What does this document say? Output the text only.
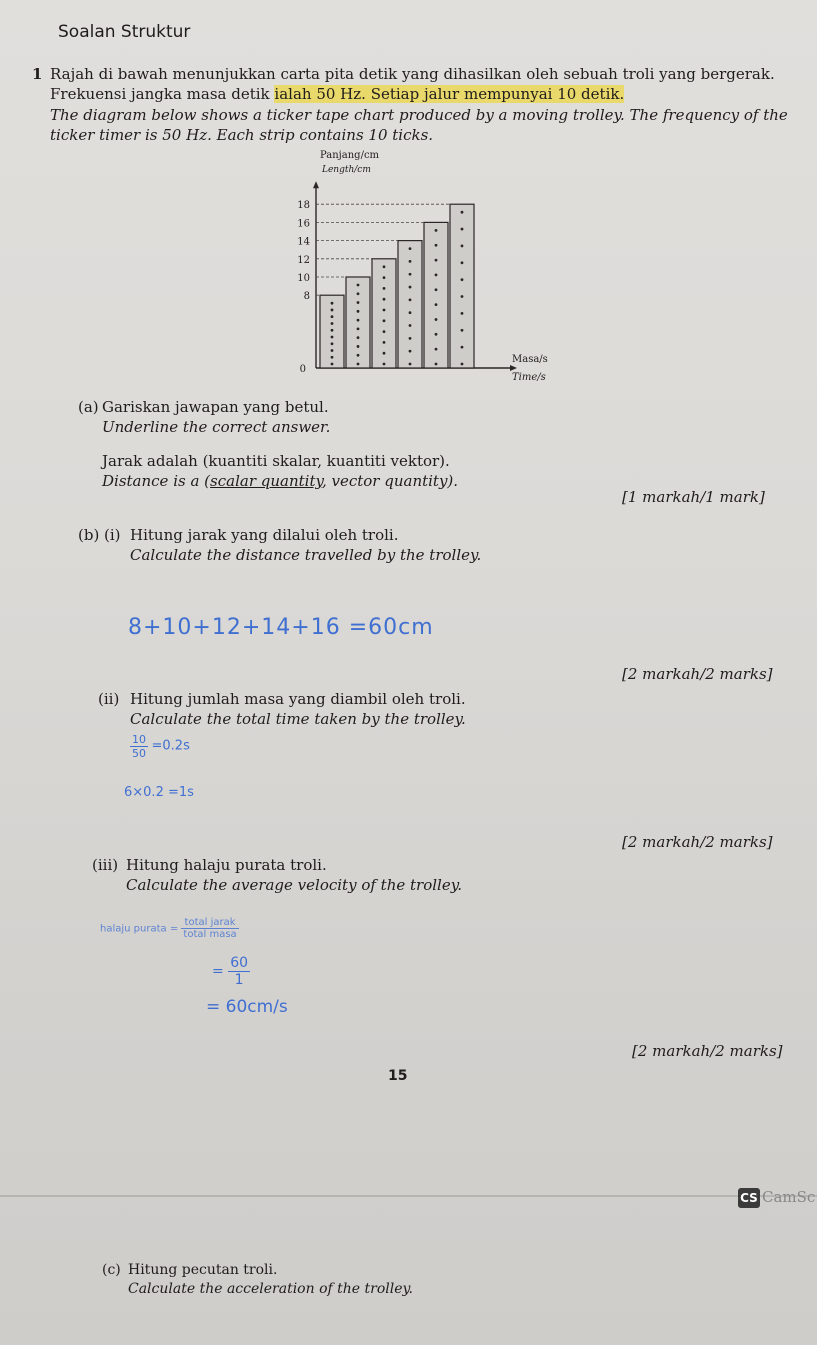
Soalan Struktur
1 Rajah di bawah menunjukkan carta pita detik yang dihasilkan oleh sebuah troli yang bergerak.
Frekuensi jangka masa detik ialah 50 Hz. Setiap jalur mempunyai 10 detik.
The diagram below shows a ticker tape chart produced by a moving trolley. The frequency of the
ticker timer is 50 Hz. Each strip contains 10 ticks.
Panjang/cm
Length/cm
Masa/s
Time/s
0
8
10
12
14
16
18
(a) Gariskan jawapan yang betul.
Underline the correct answer.
Jarak adalah (kuantiti skalar, kuantiti vektor).
Distance is a (scalar quantity, vector quantity).
[1 markah/1 mark]
(b) (i) Hitung jarak yang dilalui oleh troli.
Calculate the distance travelled by the trolley.
8+10+12+14+16 =60cm
[2 markah/2 marks]
(ii) Hitung jumlah masa yang diambil oleh troli.
Calculate the total time taken by the trolley.
$\frac{10}{50} =0.2s$
6×0.2 =1s
[2 markah/2 marks]
(iii) Hitung halaju purata troli.
Calculate the average velocity of the trolley.
halaju purata = $\frac{\text{total jarak}}{\text{total masa}}$
= $\frac{60}{1}$
= 60cm/s
[2 markah/2 marks]
15
CS CamSc
(c) Hitung pecutan troli.
Calculate the acceleration of the trolley.
